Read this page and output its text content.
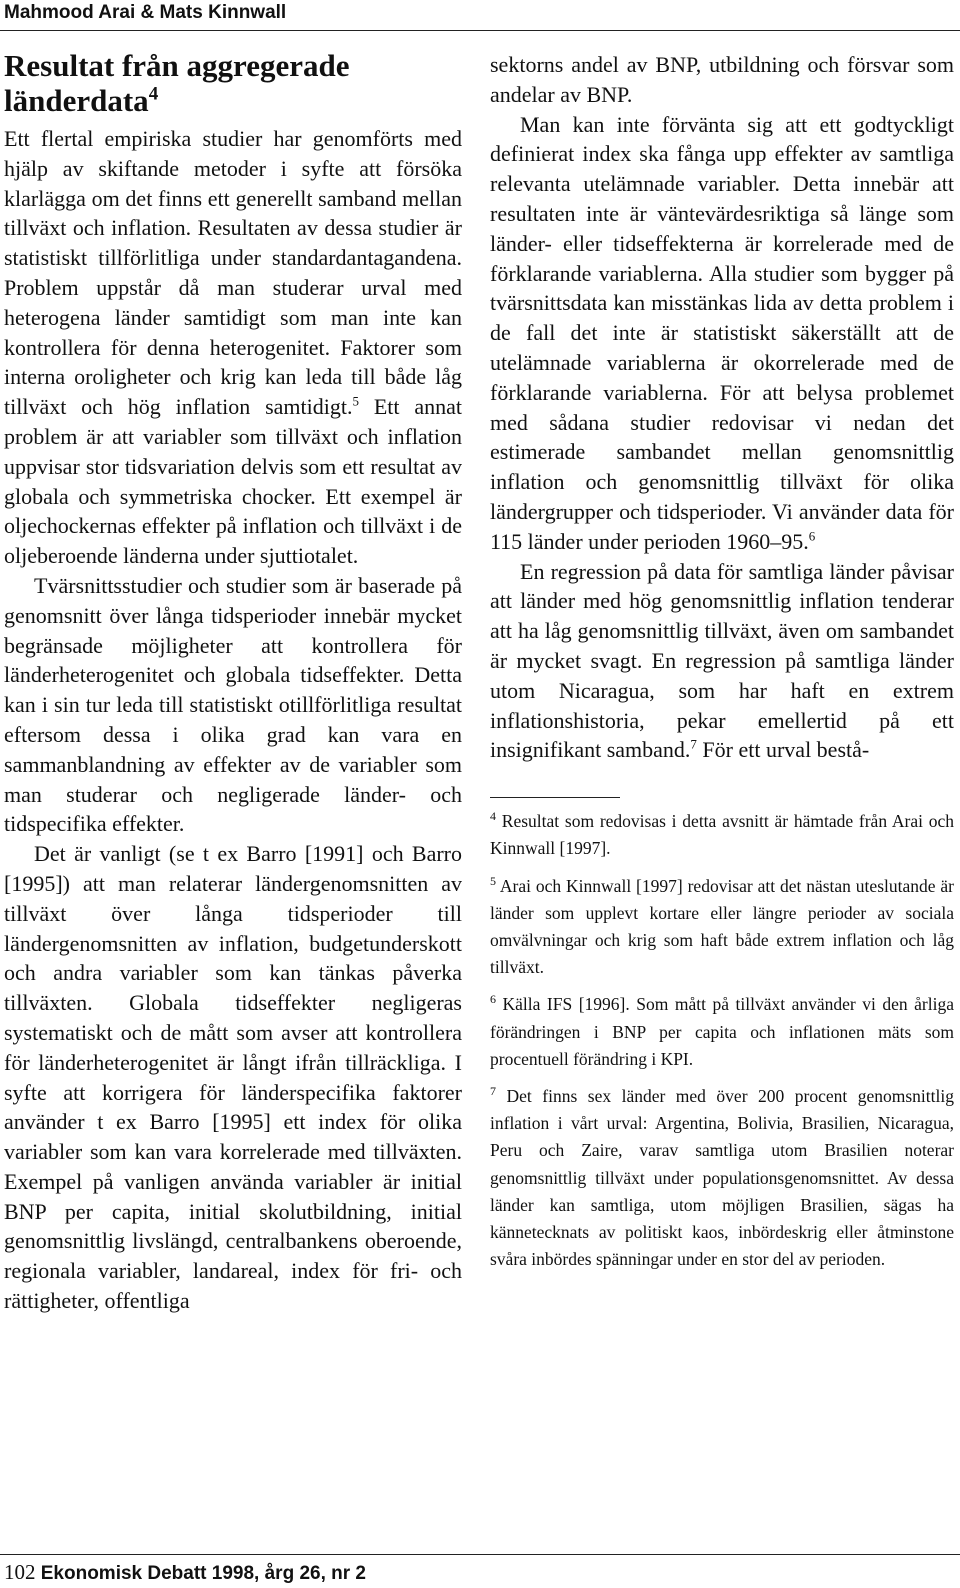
Mahmood Arai & Mats Kinnwall
Resultat från aggregerade länderdata$^4$

Ett flertal empiriska studier har genomförts med hjälp av skiftande metoder i syfte att försöka klarlägga om det finns ett generellt samband mellan tillväxt och inflation. Resultaten av dessa studier är statistiskt tillförlitliga under standardantagandena. Problem uppstår då man studerar urval med heterogena länder samtidigt som man inte kan kontrollera för denna heterogenitet. Faktorer som interna oroligheter och krig kan leda till både låg tillväxt och hög inflation samtidigt.$^5$ Ett annat problem är att variabler som tillväxt och inflation uppvisar stor tidsvariation delvis som ett resultat av globala och symmetriska chocker. Ett exempel är oljechockernas effekter på inflation och tillväxt i de oljeberoende länderna under sjuttiotalet.

Tvärsnittsstudier och studier som är baserade på genomsnitt över långa tidsperioder innebär mycket begränsade möjligheter att kontrollera för länderheterogenitet och globala tidseffekter. Detta kan i sin tur leda till statistiskt otillförlitliga resultat eftersom dessa i olika grad kan vara en sammanblandning av effekter av de variabler som man studerar och negligerade länder- och tidspecifika effekter.

Det är vanligt (se t ex Barro [1991] och Barro [1995]) att man relaterar ländergenomsnitten av tillväxt över långa tidsperioder till ländergenomsnitten av inflation, budgetunderskott och andra variabler som kan tänkas påverka tillväxten. Globala tidseffekter negligeras systematiskt och de mått som avser att kontrollera för länderheterogenitet är långt ifrån tillräckliga. I syfte att korrigera för länderspecifika faktorer använder t ex Barro [1995] ett index för olika variabler som kan vara korrelerade med tillväxten. Exempel på vanligen använda variabler är initial BNP per capita, initial skolutbildning, initial genomsnittlig livslängd, centralbankens oberoende, regionala variabler, landareal, index för fri- och rättigheter, offentliga

sektorns andel av BNP, utbildning och försvar som andelar av BNP.

Man kan inte förvänta sig att ett godtyckligt definierat index ska fånga upp effekter av samtliga relevanta utelämnade variabler. Detta innebär att resultaten inte är väntevärdesriktiga så länge som länder- eller tidseffekterna är korrelerade med de förklarande variablerna. Alla studier som bygger på tvärsnittsdata kan misstänkas lida av detta problem i de fall det inte är statistiskt säkerställt att de utelämnade variablerna är okorrelerade med de förklarande variablerna. För att belysa problemet med sådana studier redovisar vi nedan det estimerade sambandet mellan genomsnittlig inflation och genomsnittlig tillväxt för olika ländergrupper och tidsperioder. Vi använder data för 115 länder under perioden 1960–95.$^6$

En regression på data för samtliga länder påvisar att länder med hög genomsnittlig inflation tenderar att ha låg genomsnittlig tillväxt, även om sambandet är mycket svagt. En regression på samtliga länder utom Nicaragua, som har haft en extrem inflationshistoria, pekar emellertid på ett insignifikant samband.$^7$ För ett urval bestå-

$^4$ Resultat som redovisas i detta avsnitt är hämtade från Arai och Kinnwall [1997].

$^5$ Arai och Kinnwall [1997] redovisar att det nästan uteslutande är länder som upplevt kortare eller längre perioder av sociala omvälvningar och krig som haft både extrem inflation och låg tillväxt.

$^6$ Källa IFS [1996]. Som mått på tillväxt använder vi den årliga förändringen i BNP per capita och inflationen mäts som procentuell förändring i KPI.

$^7$ Det finns sex länder med över 200 procent genomsnittlig inflation i vårt urval: Argentina, Bolivia, Brasilien, Nicaragua, Peru och Zaire, varav samtliga utom Brasilien noterar genomsnittlig tillväxt under populationsgenomsnittet. Av dessa länder kan samtliga, utom möjligen Brasilien, sägas ha kännetecknats av politiskt kaos, inbördeskrig eller åtminstone svåra inbördes spänningar under en stor del av perioden.

102 Ekonomisk Debatt 1998, årg 26, nr 2
